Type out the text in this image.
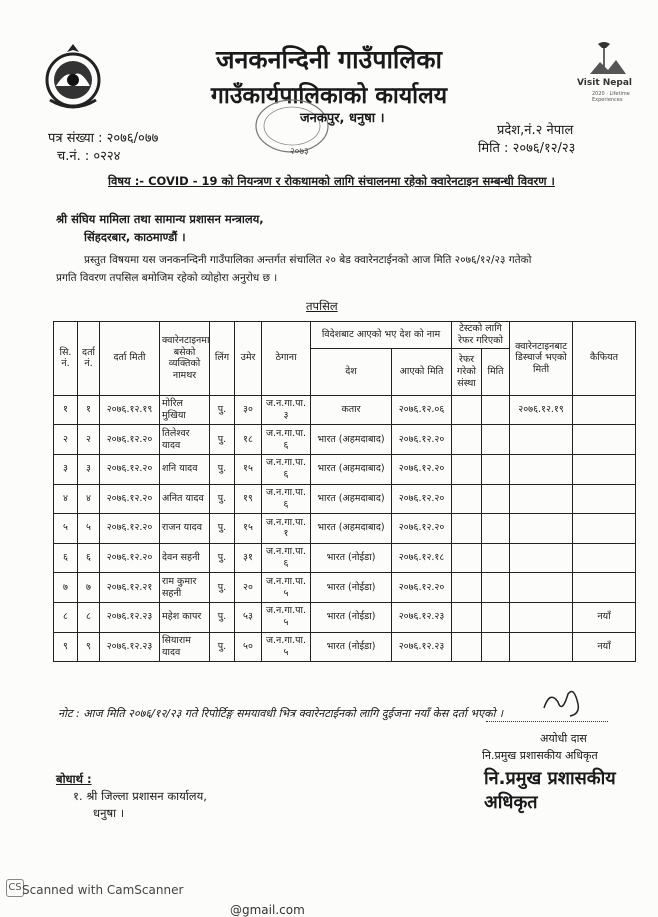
Visit Nepal
2020 · Lifetime Experiences
जनकनन्दिनी गाउँपालिका
गाउँकार्यपालिकाको कार्यालय
जनकपुर, धनुषा ।
२०७३
पत्र संख्या : २०७६/०७७
च.नं. : ०२२४
प्रदेश,नं.२ नेपाल
मिति : २०७६/१२/२३
विषय :- COVID - 19 को नियन्त्रण र रोकथामको लागि संचालनमा रहेको क्वारेनटाइन सम्बन्धी विवरण ।
श्री संघिय मामिला तथा सामान्य प्रशासन मन्त्रालय,
सिंहदरबार, काठमाण्डौं ।
प्रस्तुत विषयमा यस जनकनन्दिनी गाउँपालिका अन्तर्गत संचालित २० बेड क्वारेनटाईनको आज मिति २०७६/१२/२३ गतेको
प्रगति विवरण तपसिल बमोजिम रहेको व्योहोरा अनुरोध छ ।
तपसिल
सि. नं.	दर्ता नं.	दर्ता मिती	क्वारेनटाइनमा बसेको व्यक्तिको नामथर	लिंग	उमेर	ठेगाना	विदेशबाट आएको भए देश को नाम		टेस्टको लागि रेफर गरिएको		क्वारेनटाइनबाट डिस्चार्ज भएको मिती	कैफियत
							देश	आएको मिति	रेफर गरेको संस्था	मिति		
१	१	२०७६.१२.१९	मोरिल मुखिया	पु.	३०	ज.न.गा.पा. ३	कतार	२०७६.१२.०६			२०७६.१२.१९	
२	२	२०७६.१२.२०	तिलेश्वर यादव	पु.	१८	ज.न.गा.पा. ६	भारत (अहमदाबाद)	२०७६.१२.२०				
३	३	२०७६.१२.२०	शनि यादव	पु.	१५	ज.न.गा.पा. ६	भारत (अहमदाबाद)	२०७६.१२.२०				
४	४	२०७६.१२.२०	अनित यादव	पु.	१९	ज.न.गा.पा. ६	भारत (अहमदाबाद)	२०७६.१२.२०				
५	५	२०७६.१२.२०	राजन यादव	पु.	१५	ज.न.गा.पा. १	भारत (अहमदाबाद)	२०७६.१२.२०				
६	६	२०७६.१२.२०	देवन सहनी	पु.	३१	ज.न.गा.पा. ६	भारत (नोईडा)	२०७६.१२.१८				
७	७	२०७६.१२.२१	राम कुमार सहनी	पु.	२०	ज.न.गा.पा. ५	भारत (नोईडा)	२०७६.१२.२०				
८	८	२०७६.१२.२३	महेश कापर	पु.	५३	ज.न.गा.पा. ५	भारत (नोईडा)	२०७६.१२.२३				नयाँ
९	९	२०७६.१२.२३	सियाराम यादव	पु.	५०	ज.न.गा.पा. ५	भारत (नोईडा)	२०७६.१२.२३				नयाँ
नोट : आज मिति २०७६/१२/२३ गते रिपोर्टिङ्ग समयावधी भित्र क्वारेनटाईनको लागि दुईजना नयाँ केस दर्ता भएको ।
अयोधी दास
नि.प्रमुख प्रशासकीय अधिकृत
नि.प्रमुख प्रशासकीय अधिकृत
बोधार्थ :
१. श्री जिल्ला प्रशासन कार्यालय,
धनुषा ।
CS Scanned with CamScanner
@gmail.com
